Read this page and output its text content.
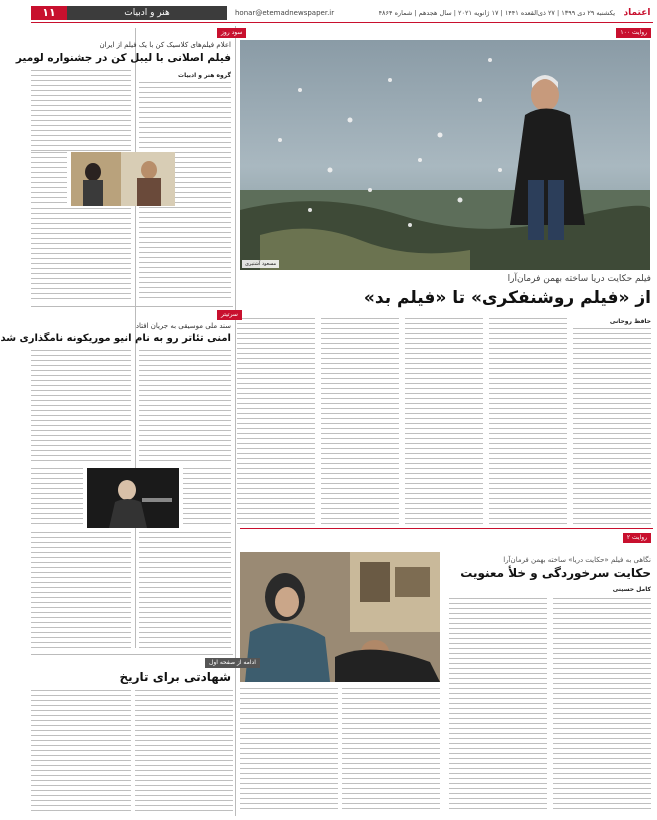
۱۱	هنر و ادبیات	honar@etemadnewspaper.ir	یکشنبه ۲۹ دی ۱۳۹۹ | ۲۷ ذی‌القعده ۱۴۴۱ | ۱۷ ژانویه ۲۰۲۱ | سال هجدهم | شماره ۴۸۶۴ اعتماد
روایت ۱۰۰
مسعود آشتیری
فیلم حکایت دریا ساخته بهمن فرمان‌آرا
از «فیلم روشنفکری» تا «فیلم بد»
حافظ روحانی
روایت ۲
نگاهی به فیلم «حکایت دریا» ساخته بهمن فرمان‌آرا
حکایت سرخوردگی و خلأ معنویت
کامل حسینی
سود روز
اعلام فیلم‌های کلاسیک کن با یک فیلم از ایران
فیلم اصلانی با لیبل کن در جشنواره لومیر
گروه هنر و ادبیات
سرتیتر
سند ملی موسیقی به جریان افتاد
امنی تئاتر رو به نام انیو موریکونه نامگذاری شد
ادامه از صفحه اول
شهادتی برای تاریخ
